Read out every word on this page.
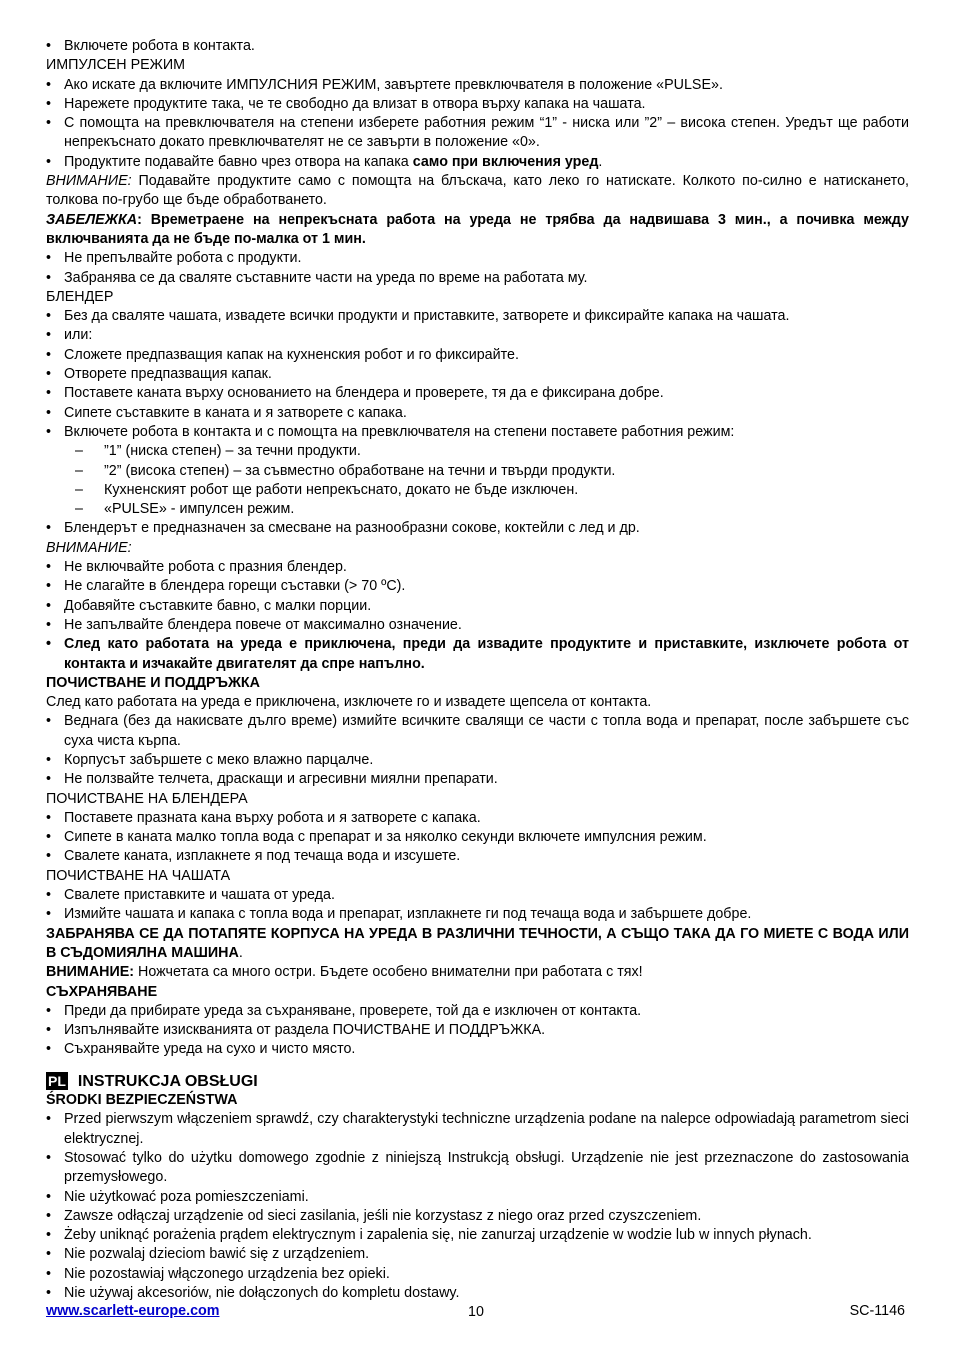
• Включете робота в контакта.

ИМПУЛСЕН РЕЖИМ

• Ако искате да включите ИМПУЛСНИЯ РЕЖИМ, завъртете превключвателя в положение «PULSE».

• Нарежете продуктите така, че те свободно да влизат в отвора върху капака на чашата.

• С помощта на превключвателя на степени изберете работния режим “1” - ниска или ”2” – висока степен. Уредът ще работи непрекъснато докато превключвателят не се завърти в положение «0».

• Продуктите подавайте бавно чрез отвора на капака само при включения уред.

ВНИМАНИЕ: Подавайте продуктите само с помощта на блъскача, като леко го натискате. Колкото по-силно е натискането, толкова по-грубо ще бъде обработването.

ЗАБЕЛЕЖКА: Времетраене на непрекъснатa работа на уреда не трябва да надвишава 3 мин., а почивка между включванията да не бъде по-малка от 1 мин.

• Не препълвайте робота с продукти.

• Забранява се да сваляте съставните части на уреда по време на работата му.

БЛЕНДЕР

• Без да сваляте чашата, извадете всички продукти и приставките, затворете и фиксирайте капака на чашата.

• или:

• Сложете предпазващия капак на кухненския робот и го фиксирайте.

• Отворете предпазващия капак.

• Поставете каната върху основанието на блендера и проверете, тя да е фиксирана добре.

• Сипете съставките в каната и я затворете с капака.

• Включете робота в контакта и с помощта на превключвателя на степени поставете работния режим:

– ”1” (ниска степен) – за течни продукти.

– ”2” (висока степен) – за съвместно обработване на течни и твърди продукти.

– Кухненският робот ще работи непрекъснато, докато не бъде изключен.

– «PULSE» - импулсен режим.

• Блендерът е предназначен за смесване на разнообразни сокове, коктейли с лед и др.

ВНИМАНИЕ:

• Не включвайте робота с празния блендер.

• Не слагайте в блендера горещи съставки (> 70 ºС).

• Добавяйте съставките бавно, с малки порции.

• Не запълвайте блендера повече от максимално означение.

• След като работата на уреда е приключена, преди да извадите продуктите и приставките, изключете робота от контакта и изчакайте двигателят да спре напълно.

ПОЧИСТВАНЕ И ПОДДРЪЖКА

След като работата на уреда е приключена, изключете го и извадете щепсела от контакта.

• Веднага (без да накисвате дълго време) измийте всичките свалящи се части с топла вода и препарат, после забършете със суха чиста кърпа.

• Корпусът забършете с меко влажно парцалче.

• Не ползвайте телчета, драскащи и агресивни миялни препарати.

ПОЧИСТВАНЕ НА БЛЕНДЕРА

• Поставете празната кана върху робота и я затворете с капака.

• Сипете в каната малко топла вода с препарат и за няколко секунди включете импулсния режим.

• Свалете каната, изплакнете я под течаща вода и изсушете.

ПОЧИСТВАНЕ НА ЧАШАТА

• Свалете приставките и чашата от уреда.

• Измийте чашата и капака с топла вода и препарат, изплакнете ги под течаща вода и забършете добре.

ЗАБРАНЯВА СЕ ДА ПОТАПЯТЕ КОРПУСА НА УРЕДА В РАЗЛИЧНИ ТЕЧНОСТИ, А СЪЩО ТАКА ДА ГО МИЕТЕ С ВОДА ИЛИ В СЪДОМИЯЛНА МАШИНА.

ВНИМАНИЕ: Ножчетата са много остри. Бъдете особено внимателни при работата с тях!

СЪХРАНЯВАНЕ

• Преди да прибирате уреда за съхраняване, проверете, той да е изключен от контакта.

• Изпълнявайте изискванията от раздела ПОЧИСТВАНЕ И ПОДДРЪЖКА.

• Съхранявайте уреда на сухо и чисто място.

PL INSTRUKCJA OBSŁUGI

ŚRODKI BEZPIECZEŃSTWA

• Przed pierwszym włączeniem sprawdź, czy charakterystyki techniczne urządzenia podane na nalepce odpowiadają parametrom sieci elektrycznej.

• Stosować tylko do użytku domowego zgodnie z niniejszą Instrukcją obsługi. Urządzenie nie jest przeznaczone do zastosowania przemysłowego.

• Nie użytkować poza pomieszczeniami.

• Zawsze odłączaj urządzenie od sieci zasilania, jeśli nie korzystasz z niego oraz przed czyszczeniem.

• Żeby uniknąć porażenia prądem elektrycznym i zapalenia się, nie zanurzaj urządzenie w wodzie lub w innych płynach.

• Nie pozwalaj dzieciom bawić się z urządzeniem.

• Nie pozostawiaj włączonego urządzenia bez opieki.

• Nie używaj akcesoriów, nie dołączonych do kompletu dostawy.

www.scarlett-europe.com	10	SC-1146
